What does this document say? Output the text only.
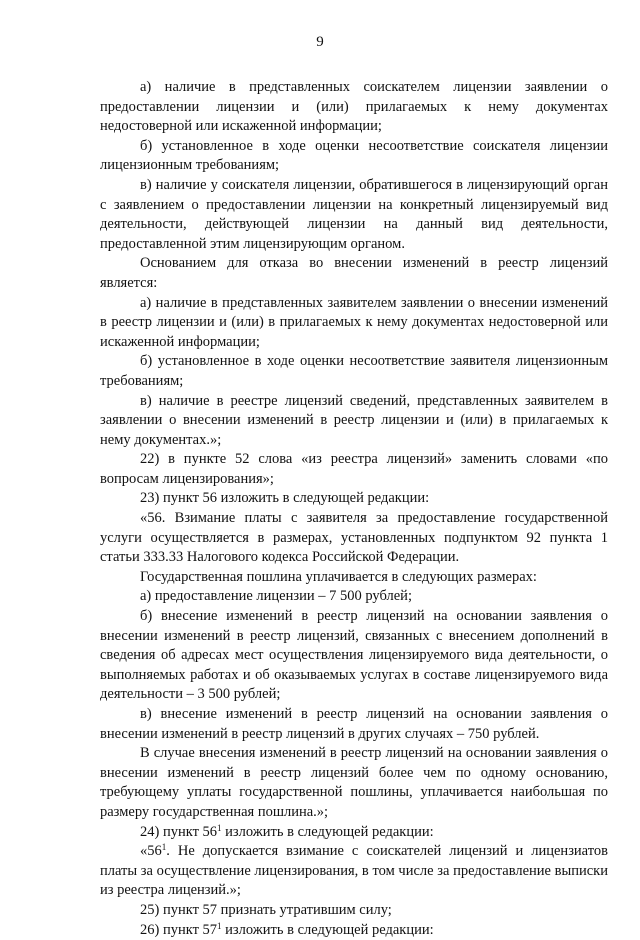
9

а) наличие в представленных соискателем лицензии заявлении о предоставлении лицензии и (или) прилагаемых к нему документах недостоверной или искаженной информации;

б) установленное в ходе оценки несоответствие соискателя лицензии лицензионным требованиям;

в) наличие у соискателя лицензии, обратившегося в лицензирующий орган с заявлением о предоставлении лицензии на конкретный лицензируемый вид деятельности, действующей лицензии на данный вид деятельности, предоставленной этим лицензирующим органом.

Основанием для отказа во внесении изменений в реестр лицензий является:

а) наличие в представленных заявителем заявлении о внесении изменений в реестр лицензии и (или) в прилагаемых к нему документах недостоверной или искаженной информации;

б) установленное в ходе оценки несоответствие заявителя лицензионным требованиям;

в) наличие в реестре лицензий сведений, представленных заявителем в заявлении о внесении изменений в реестр лицензии и (или) в прилагаемых к нему документах.»;

22) в пункте 52 слова «из реестра лицензий» заменить словами «по вопросам лицензирования»;

23) пункт 56 изложить в следующей редакции:

«56. Взимание платы с заявителя за предоставление государственной услуги осуществляется в размерах, установленных подпунктом 92 пункта 1 статьи 333.33 Налогового кодекса Российской Федерации.

Государственная пошлина уплачивается в следующих размерах:

а) предоставление лицензии – 7 500 рублей;

б) внесение изменений в реестр лицензий на основании заявления о внесении изменений в реестр лицензий, связанных с внесением дополнений в сведения об адресах мест осуществления лицензируемого вида деятельности, о выполняемых работах и об оказываемых услугах в составе лицензируемого вида деятельности – 3 500 рублей;

в) внесение изменений в реестр лицензий на основании заявления о внесении изменений в реестр лицензий в других случаях – 750 рублей.

В случае внесения изменений в реестр лицензий на основании заявления о внесении изменений в реестр лицензий более чем по одному основанию, требующему уплаты государственной пошлины, уплачивается наибольшая по размеру государственная пошлина.»;

24) пункт $56^1$ изложить в следующей редакции:

«$56^1$. Не допускается взимание с соискателей лицензий и лицензиатов платы за осуществление лицензирования, в том числе за предоставление выписки из реестра лицензий.»;

25) пункт 57 признать утратившим силу;

26) пункт $57^1$ изложить в следующей редакции:
